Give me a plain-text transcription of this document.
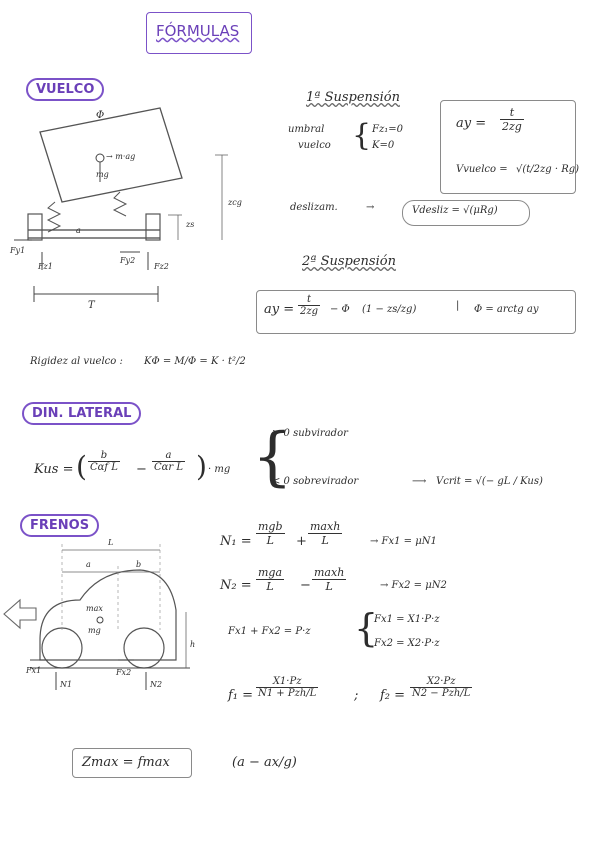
FÓRMULAS
VUELCO
Φ
→ m·ag
mg
zcg
zs
a
Fy1
Fz1
Fy2
Fz2
T
1ª Suspensión
umbral
vuelco { Fz₁=0
K=0
ay = $\frac{t}{2zg}$
Vvuelco = √(t/2zg · Rg)
deslizam.	→	Vdesliz = √(μRg)
2ª Suspensión
ay = $\frac{t}{2zg} - \Phi$ (1 − zs/zg)	| Φ = arctg ay
Rigidez al vuelco : KΦ = M/Φ = K · t²/2
DIN. LATERAL
Kus = (	b
Cαf L −
a
Cαr L ) · mg {
> 0 subvirador
< 0 sobrevirador	⟶ Vcrit = √(− gL / Kus)
FRENOS
L
a	b
h
max
mg
Fx1
N1
Fx2
N2
N₁ =
mgb
L	+
maxh
L	→ Fx1 = μN1
N₂ =
mga
L	−
maxh
L	→ Fx2 = μN2
Fx1 + Fx2 = P·z {
Fx1 = X1·P·z
Fx2 = X2·P·z
f₁ =
X1·Pz
N1 + Pzh/L	; f₂ =
X2·Pz
N2 − Pzh/L
Zmax = fmax	(a − ax/g)
